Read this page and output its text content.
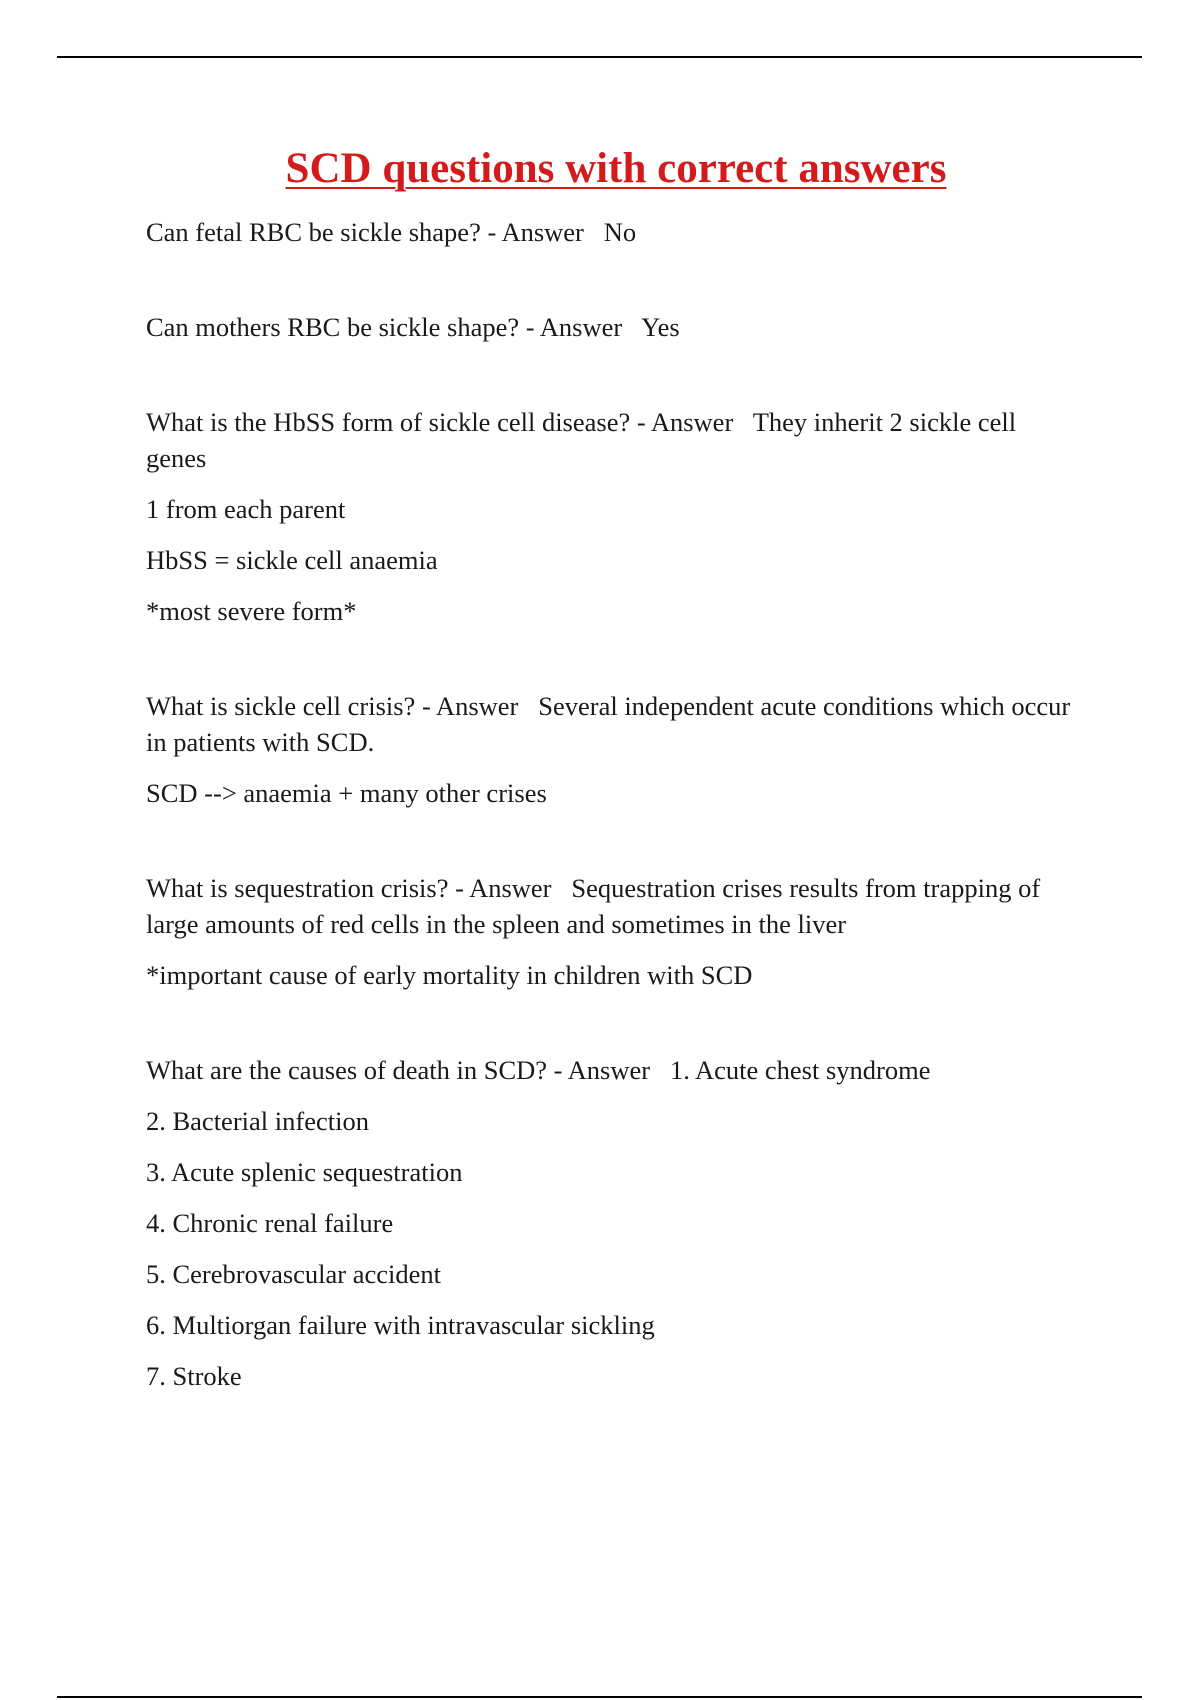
SCD questions with correct answers

Can fetal RBC be sickle shape? - Answer No

Can mothers RBC be sickle shape? - Answer Yes

What is the HbSS form of sickle cell disease? - Answer They inherit 2 sickle cell genes

1 from each parent

HbSS = sickle cell anaemia

*most severe form*

What is sickle cell crisis? - Answer Several independent acute conditions which occur in patients with SCD.

SCD --> anaemia + many other crises

What is sequestration crisis? - Answer Sequestration crises results from trapping of large amounts of red cells in the spleen and sometimes in the liver

*important cause of early mortality in children with SCD

What are the causes of death in SCD? - Answer 1. Acute chest syndrome

2. Bacterial infection

3. Acute splenic sequestration

4. Chronic renal failure

5. Cerebrovascular accident

6. Multiorgan failure with intravascular sickling

7. Stroke
